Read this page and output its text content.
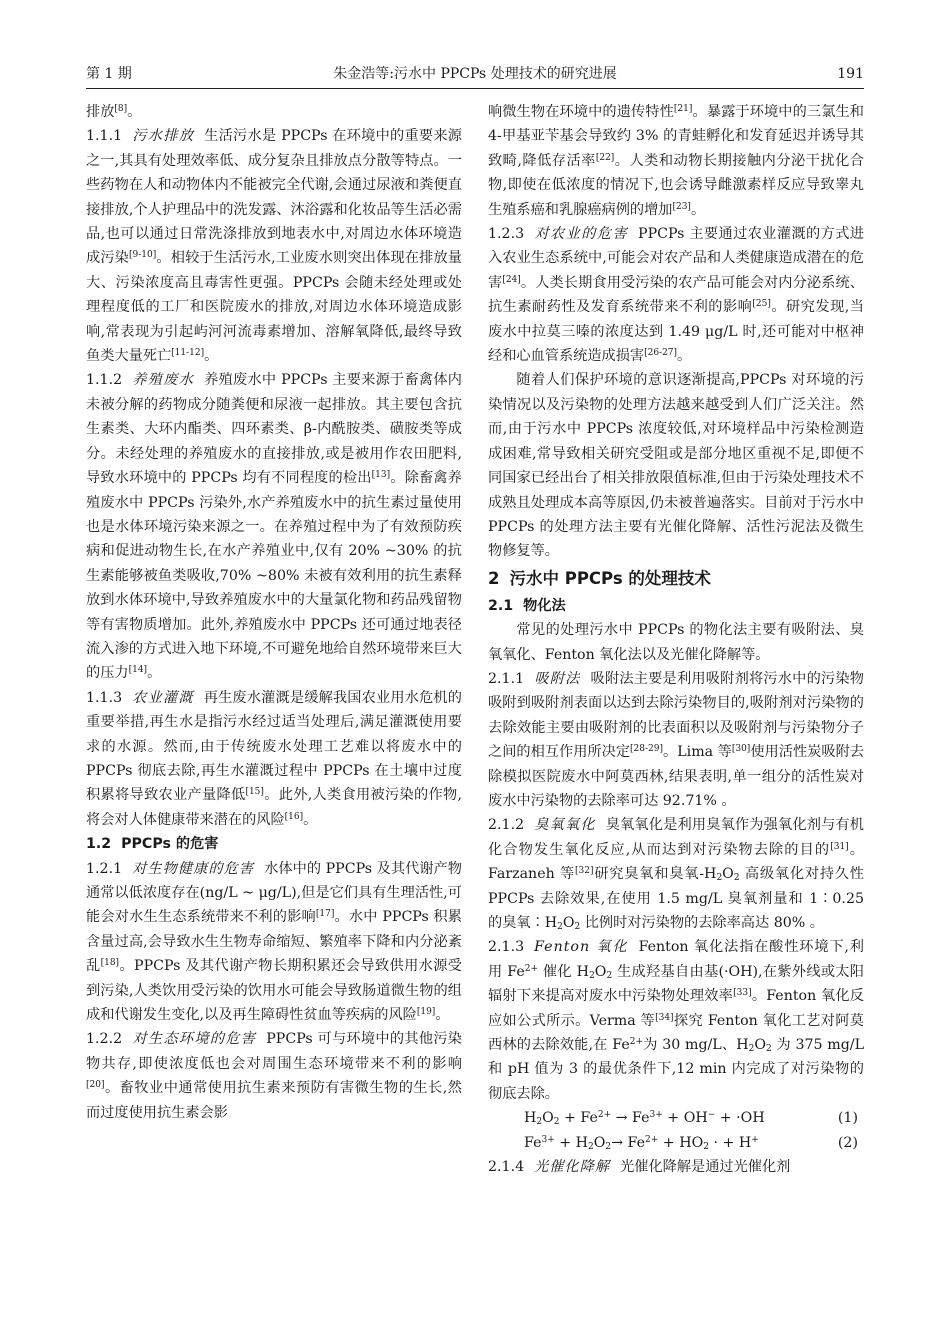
第 1 期	朱金浩等:污水中 PPCPs 处理技术的研究进展	191

排放[8]。

1.1.1 污水排放 生活污水是 PPCPs 在环境中的重要来源之一,其具有处理效率低、成分复杂且排放点分散等特点。一些药物在人和动物体内不能被完全代谢,会通过尿液和粪便直接排放,个人护理品中的洗发露、沐浴露和化妆品等生活必需品,也可以通过日常洗涤排放到地表水中,对周边水体环境造成污染[9-10]。相较于生活污水,工业废水则突出体现在排放量大、污染浓度高且毒害性更强。PPCPs 会随未经处理或处理程度低的工厂和医院废水的排放,对周边水体环境造成影响,常表现为引起屿河河流毒素增加、溶解氧降低,最终导致鱼类大量死亡[11-12]。

1.1.2 养殖废水 养殖废水中 PPCPs 主要来源于畜禽体内未被分解的药物成分随粪便和尿液一起排放。其主要包含抗生素类、大环内酯类、四环素类、β-内酰胺类、磺胺类等成分。未经处理的养殖废水的直接排放,或是被用作农田肥料,导致水环境中的 PPCPs 均有不同程度的检出[13]。除畜禽养殖废水中 PPCPs 污染外,水产养殖废水中的抗生素过量使用也是水体环境污染来源之一。在养殖过程中为了有效预防疾病和促进动物生长,在水产养殖业中,仅有 20% ~30% 的抗生素能够被鱼类吸收,70% ~80% 未被有效利用的抗生素释放到水体环境中,导致养殖废水中的大量氯化物和药品残留物等有害物质增加。此外,养殖废水中 PPCPs 还可通过地表径流入渗的方式进入地下环境,不可避免地给自然环境带来巨大的压力[14]。

1.1.3 农业灌溉 再生废水灌溉是缓解我国农业用水危机的重要举措,再生水是指污水经过适当处理后,满足灌溉使用要求的水源。然而,由于传统废水处理工艺难以将废水中的 PPCPs 彻底去除,再生水灌溉过程中 PPCPs 在土壤中过度积累将导致农业产量降低[15]。此外,人类食用被污染的作物,将会对人体健康带来潜在的风险[16]。

1.2 PPCPs 的危害

1.2.1 对生物健康的危害 水体中的 PPCPs 及其代谢产物通常以低浓度存在(ng/L ~ μg/L),但是它们具有生理活性,可能会对水生生态系统带来不利的影响[17]。水中 PPCPs 积累含量过高,会导致水生生物寿命缩短、繁殖率下降和内分泌紊乱[18]。PPCPs 及其代谢产物长期积累还会导致供用水源受到污染,人类饮用受污染的饮用水可能会导致肠道微生物的组成和代谢发生变化,以及再生障碍性贫血等疾病的风险[19]。

1.2.2 对生态环境的危害 PPCPs 可与环境中的其他污染物共存,即使浓度低也会对周围生态环境带来不利的影响[20]。畜牧业中通常使用抗生素来预防有害微生物的生长,然而过度使用抗生素会影

响微生物在环境中的遗传特性[21]。暴露于环境中的三氯生和 4-甲基亚苄基会导致约 3% 的青蛙孵化和发育延迟并诱导其致畸,降低存活率[22]。人类和动物长期接触内分泌干扰化合物,即使在低浓度的情况下,也会诱导雌激素样反应导致睾丸生殖系癌和乳腺癌病例的增加[23]。

1.2.3 对农业的危害 PPCPs 主要通过农业灌溉的方式进入农业生态系统中,可能会对农产品和人类健康造成潜在的危害[24]。人类长期食用受污染的农产品可能会对内分泌系统、抗生素耐药性及发育系统带来不利的影响[25]。研究发现,当废水中拉莫三嗪的浓度达到 1.49 μg/L 时,还可能对中枢神经和心血管系统造成损害[26-27]。

随着人们保护环境的意识逐渐提高,PPCPs 对环境的污染情况以及污染物的处理方法越来越受到人们广泛关注。然而,由于污水中 PPCPs 浓度较低,对环境样品中污染检测造成困难,常导致相关研究受阻或是部分地区重视不足,即便不同国家已经出台了相关排放限值标准,但由于污染处理技术不成熟且处理成本高等原因,仍未被普遍落实。目前对于污水中 PPCPs 的处理方法主要有光催化降解、活性污泥法及微生物修复等。

2 污水中 PPCPs 的处理技术

2.1 物化法

常见的处理污水中 PPCPs 的物化法主要有吸附法、臭氧氧化、Fenton 氧化法以及光催化降解等。

2.1.1 吸附法 吸附法主要是利用吸附剂将污水中的污染物吸附到吸附剂表面以达到去除污染物目的,吸附剂对污染物的去除效能主要由吸附剂的比表面积以及吸附剂与污染物分子之间的相互作用所决定[28-29]。Lima 等[30]使用活性炭吸附去除模拟医院废水中阿莫西林,结果表明,单一组分的活性炭对废水中污染物的去除率可达 92.71% 。

2.1.2 臭氧氧化 臭氧氧化是利用臭氧作为强氧化剂与有机化合物发生氧化反应,从而达到对污染物去除的目的[31]。Farzaneh 等[32]研究臭氧和臭氧$-H_2O_2$ 高级氧化对持久性 PPCPs 去除效果,在使用 1.5 mg/L 臭氧剂量和 1∶0.25 的臭氧$∶H_2O_2$ 比例时对污染物的去除率高达 80% 。

2.1.3 Fenton 氧化 Fenton 氧化法指在酸性环境下,利用 $Fe^{2+}$ 催化 $H_2O_2$ 生成羟基自由基(·OH),在紫外线或太阳辐射下来提高对废水中污染物处理效率[33]。Fenton 氧化反应如公式所示。Verma 等[34]探究 Fenton 氧化工艺对阿莫西林的去除效能,在 $Fe^{2+}$为 30 mg/L、$H_2O_2$ 为 375 mg/L 和 pH 值为 3 的最优条件下,12 min 内完成了对污染物的彻底去除。

$H_2O_2 + Fe^{2+} \to Fe^{3+} + OH^- + \cdot OH$	(1)
$Fe^{3+} + H_2O_2\to Fe^{2+} + HO_2$ · + H+	(2)

2.1.4 光催化降解 光催化降解是通过光催化剂
